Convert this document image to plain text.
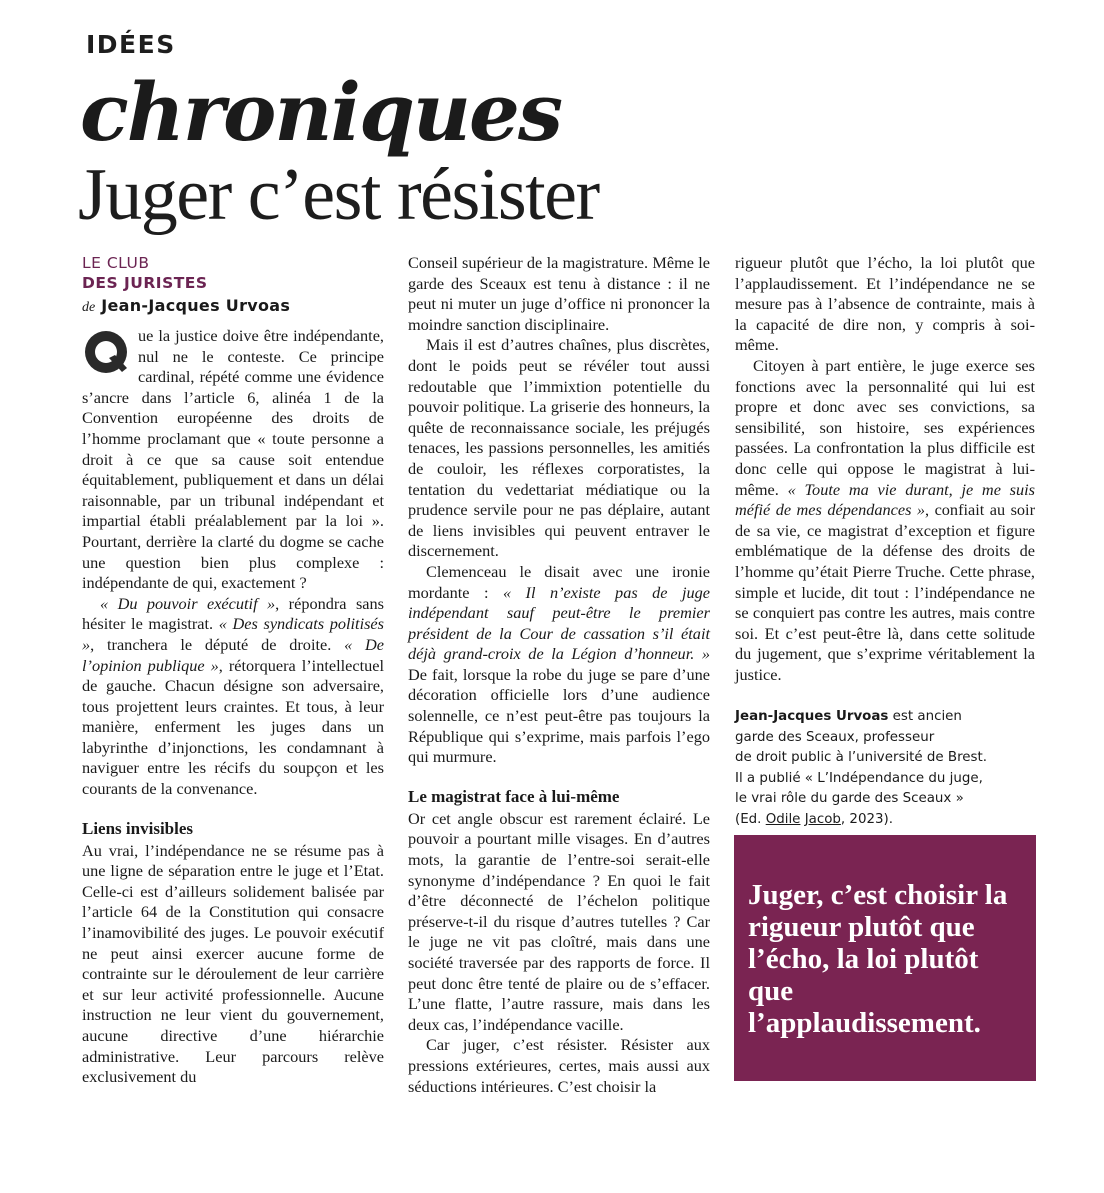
IDÉES
chroniques
Juger c’est résister
LE CLUB
DES JURISTES
de Jean-Jacques Urvoas

ue la justice doive être indépendante, nul ne le conteste. Ce principe cardinal, répété comme une évidence s’ancre dans l’article 6, alinéa 1 de la Convention européenne des droits de l’homme proclamant que « toute personne a droit à ce que sa cause soit entendue équitablement, publiquement et dans un délai raisonnable, par un tribunal indépendant et impartial établi préalablement par la loi ». Pourtant, derrière la clarté du dogme se cache une question bien plus complexe : indépendante de qui, exactement ?

« Du pouvoir exécutif », répondra sans hésiter le magistrat. « Des syndicats politisés », tranchera le député de droite. « De l’opinion publique », rétorquera l’intellectuel de gauche. Chacun désigne son adversaire, tous projettent leurs craintes. Et tous, à leur manière, enferment les juges dans un labyrinthe d’injonctions, les condamnant à naviguer entre les récifs du soupçon et les courants de la convenance.

Liens invisibles

Au vrai, l’indépendance ne se résume pas à une ligne de séparation entre le juge et l’Etat. Celle-ci est d’ailleurs solidement balisée par l’article 64 de la Constitution qui consacre l’inamovibilité des juges. Le pouvoir exécutif ne peut ainsi exercer aucune forme de contrainte sur le déroulement de leur carrière et sur leur activité professionnelle. Aucune instruction ne leur vient du gouvernement, aucune directive d’une hiérarchie administrative. Leur parcours relève exclusivement du

Conseil supérieur de la magistrature. Même le garde des Sceaux est tenu à distance : il ne peut ni muter un juge d’office ni prononcer la moindre sanction disciplinaire.

Mais il est d’autres chaînes, plus discrètes, dont le poids peut se révéler tout aussi redoutable que l’immixtion potentielle du pouvoir politique. La griserie des honneurs, la quête de reconnaissance sociale, les préjugés tenaces, les passions personnelles, les amitiés de couloir, les réflexes corporatistes, la tentation du vedettariat médiatique ou la prudence servile pour ne pas déplaire, autant de liens invisibles qui peuvent entraver le discernement.

Clemenceau le disait avec une ironie mordante : « Il n’existe pas de juge indépendant sauf peut-être le premier président de la Cour de cassation s’il était déjà grand-croix de la Légion d’honneur. » De fait, lorsque la robe du juge se pare d’une décoration officielle lors d’une audience solennelle, ce n’est peut-être pas toujours la République qui s’exprime, mais parfois l’ego qui murmure.

Le magistrat face à lui-même

Or cet angle obscur est rarement éclairé. Le pouvoir a pourtant mille visages. En d’autres mots, la garantie de l’entre-soi serait-elle synonyme d’indépendance ? En quoi le fait d’être déconnecté de l’échelon politique préserve-t-il du risque d’autres tutelles ? Car le juge ne vit pas cloîtré, mais dans une société traversée par des rapports de force. Il peut donc être tenté de plaire ou de s’effacer. L’une flatte, l’autre rassure, mais dans les deux cas, l’indépendance vacille.

Car juger, c’est résister. Résister aux pressions extérieures, certes, mais aussi aux séductions intérieures. C’est choisir la

rigueur plutôt que l’écho, la loi plutôt que l’applaudissement. Et l’indépendance ne se mesure pas à l’absence de contrainte, mais à la capacité de dire non, y compris à soi-même.

Citoyen à part entière, le juge exerce ses fonctions avec la personnalité qui lui est propre et donc avec ses convictions, sa sensibilité, son histoire, ses expériences passées. La confrontation la plus difficile est donc celle qui oppose le magistrat à lui-même. « Toute ma vie durant, je me suis méfié de mes dépendances », confiait au soir de sa vie, ce magistrat d’exception et figure emblématique de la défense des droits de l’homme qu’était Pierre Truche. Cette phrase, simple et lucide, dit tout : l’indépendance ne se conquiert pas contre les autres, mais contre soi. Et c’est peut-être là, dans cette solitude du jugement, que s’exprime véritablement la justice.

Jean-Jacques Urvoas est ancien
garde des Sceaux, professeur
de droit public à l’université de Brest.
Il a publié « L’Indépendance du juge,
le vrai rôle du garde des Sceaux »
(Ed. Odile Jacob, 2023).
Juger, c’est choisir la rigueur plutôt que l’écho, la loi plutôt que l’applaudissement.
